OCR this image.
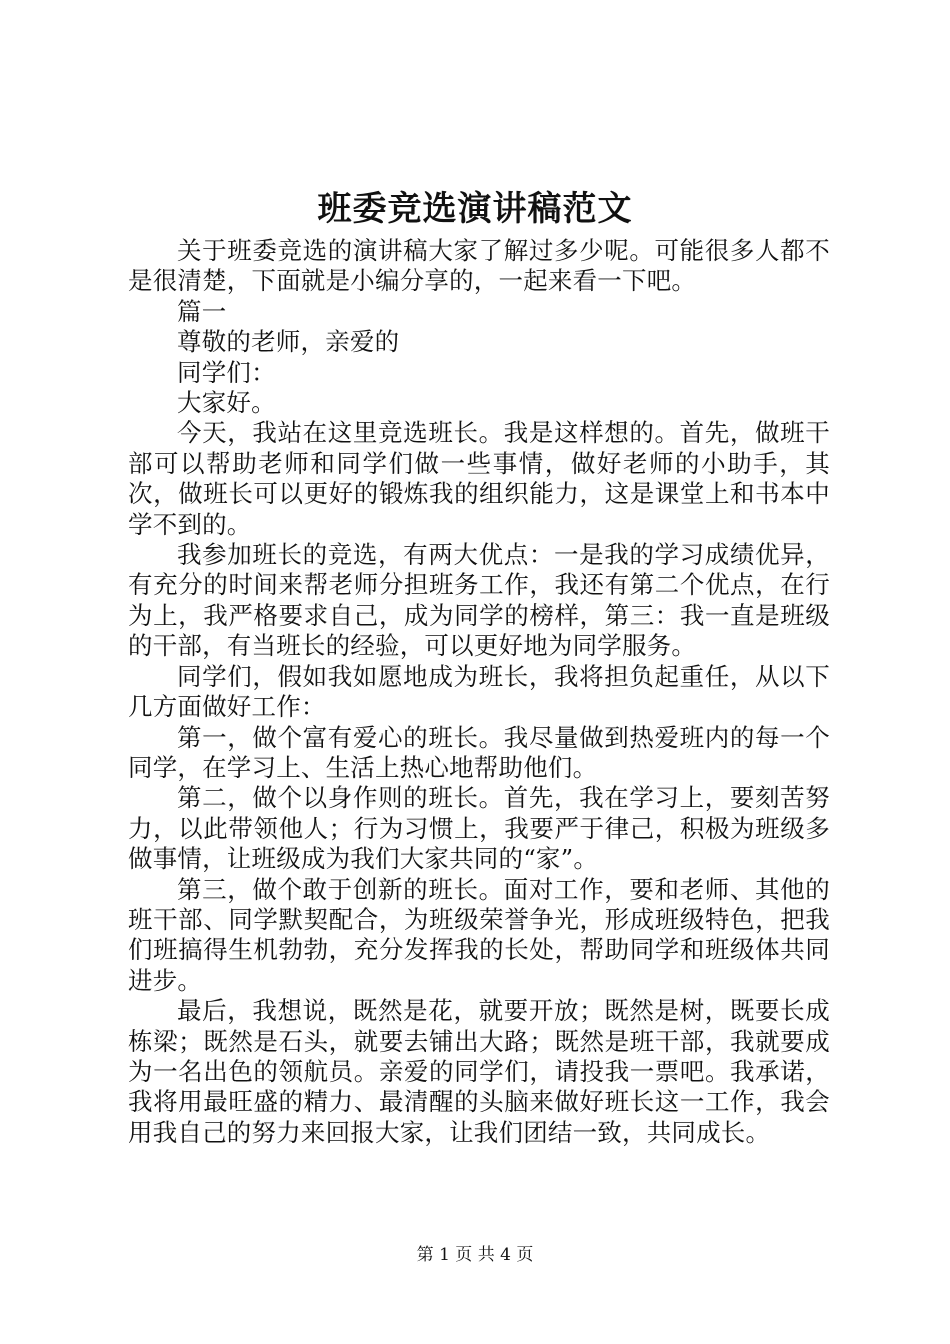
班委竞选演讲稿范文

关于班委竞选的演讲稿大家了解过多少呢。可能很多人都不是很清楚，下面就是小编分享的，一起来看一下吧。

篇一

尊敬的老师，亲爱的

同学们：

大家好。

今天，我站在这里竞选班长。我是这样想的。首先，做班干部可以帮助老师和同学们做一些事情，做好老师的小助手，其次，做班长可以更好的锻炼我的组织能力，这是课堂上和书本中学不到的。

我参加班长的竞选，有两大优点：一是我的学习成绩优异，有充分的时间来帮老师分担班务工作，我还有第二个优点，在行为上，我严格要求自己，成为同学的榜样，第三：我一直是班级的干部，有当班长的经验，可以更好地为同学服务。

同学们，假如我如愿地成为班长，我将担负起重任，从以下几方面做好工作：

第一，做个富有爱心的班长。我尽量做到热爱班内的每一个同学，在学习上、生活上热心地帮助他们。

第二，做个以身作则的班长。首先，我在学习上，要刻苦努力，以此带领他人；行为习惯上，我要严于律己，积极为班级多做事情，让班级成为我们大家共同的“家”。

第三，做个敢于创新的班长。面对工作，要和老师、其他的班干部、同学默契配合，为班级荣誉争光，形成班级特色，把我们班搞得生机勃勃，充分发挥我的长处，帮助同学和班级体共同进步。

最后，我想说，既然是花，就要开放；既然是树，既要长成栋梁；既然是石头，就要去铺出大路；既然是班干部，我就要成为一名出色的领航员。亲爱的同学们，请投我一票吧。我承诺，我将用最旺盛的精力、最清醒的头脑来做好班长这一工作，我会用我自己的努力来回报大家，让我们团结一致，共同成长。

第 1 页 共 4 页
